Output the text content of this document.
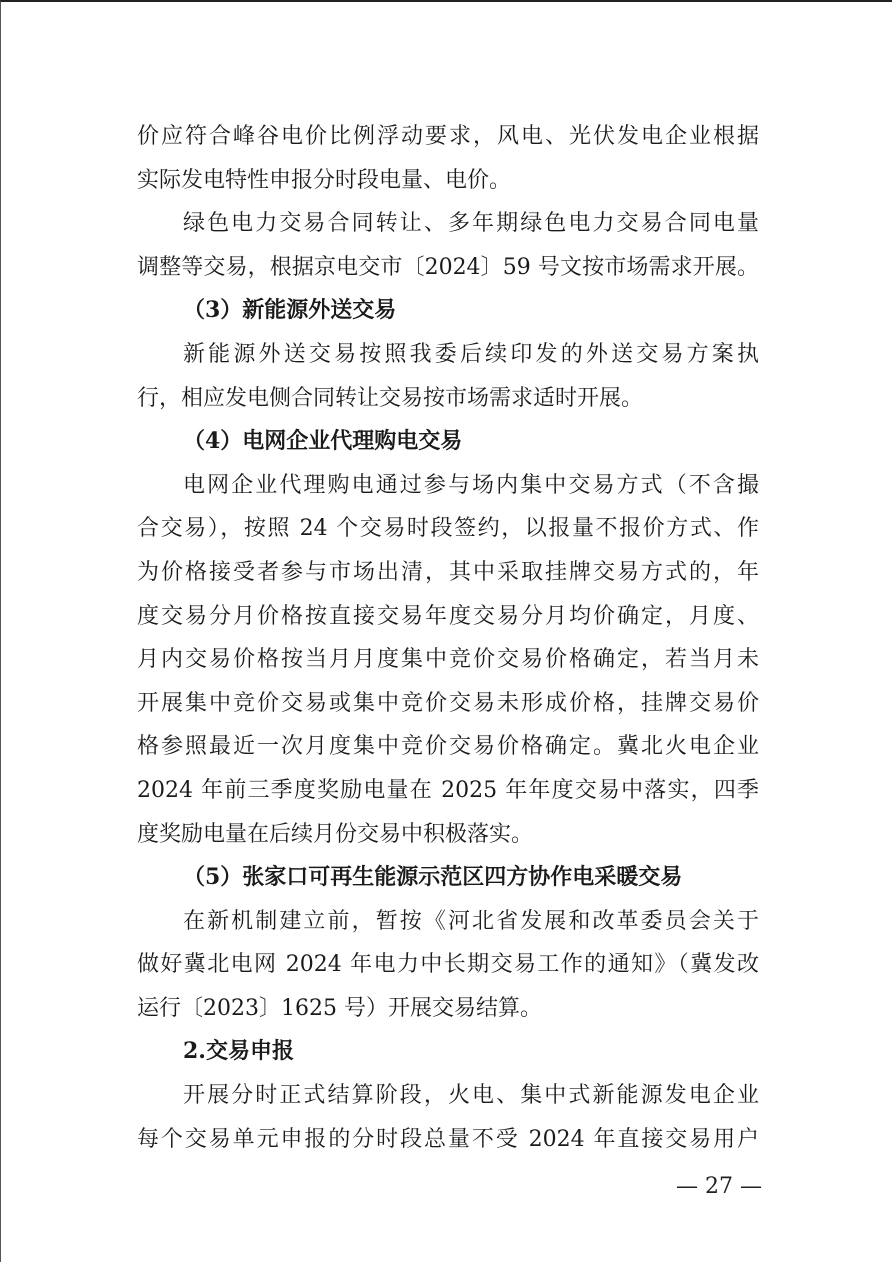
价应符合峰谷电价比例浮动要求，风电、光伏发电企业根据
实际发电特性申报分时段电量、电价。
绿色电力交易合同转让、多年期绿色电力交易合同电量
调整等交易，根据京电交市〔2024〕59 号文按市场需求开展。
（3）新能源外送交易
新能源外送交易按照我委后续印发的外送交易方案执
行，相应发电侧合同转让交易按市场需求适时开展。
（4）电网企业代理购电交易
电网企业代理购电通过参与场内集中交易方式（不含撮
合交易），按照 24 个交易时段签约，以报量不报价方式、作
为价格接受者参与市场出清，其中采取挂牌交易方式的，年
度交易分月价格按直接交易年度交易分月均价确定，月度、
月内交易价格按当月月度集中竞价交易价格确定，若当月未
开展集中竞价交易或集中竞价交易未形成价格，挂牌交易价
格参照最近一次月度集中竞价交易价格确定。冀北火电企业
2024 年前三季度奖励电量在 2025 年年度交易中落实，四季
度奖励电量在后续月份交易中积极落实。
（5）张家口可再生能源示范区四方协作电采暖交易
在新机制建立前，暂按《河北省发展和改革委员会关于
做好冀北电网 2024 年电力中长期交易工作的通知》（冀发改
运行〔2023〕1625 号）开展交易结算。
2.交易申报
开展分时正式结算阶段，火电、集中式新能源发电企业
每个交易单元申报的分时段总量不受 2024 年直接交易用户
— 27 —
